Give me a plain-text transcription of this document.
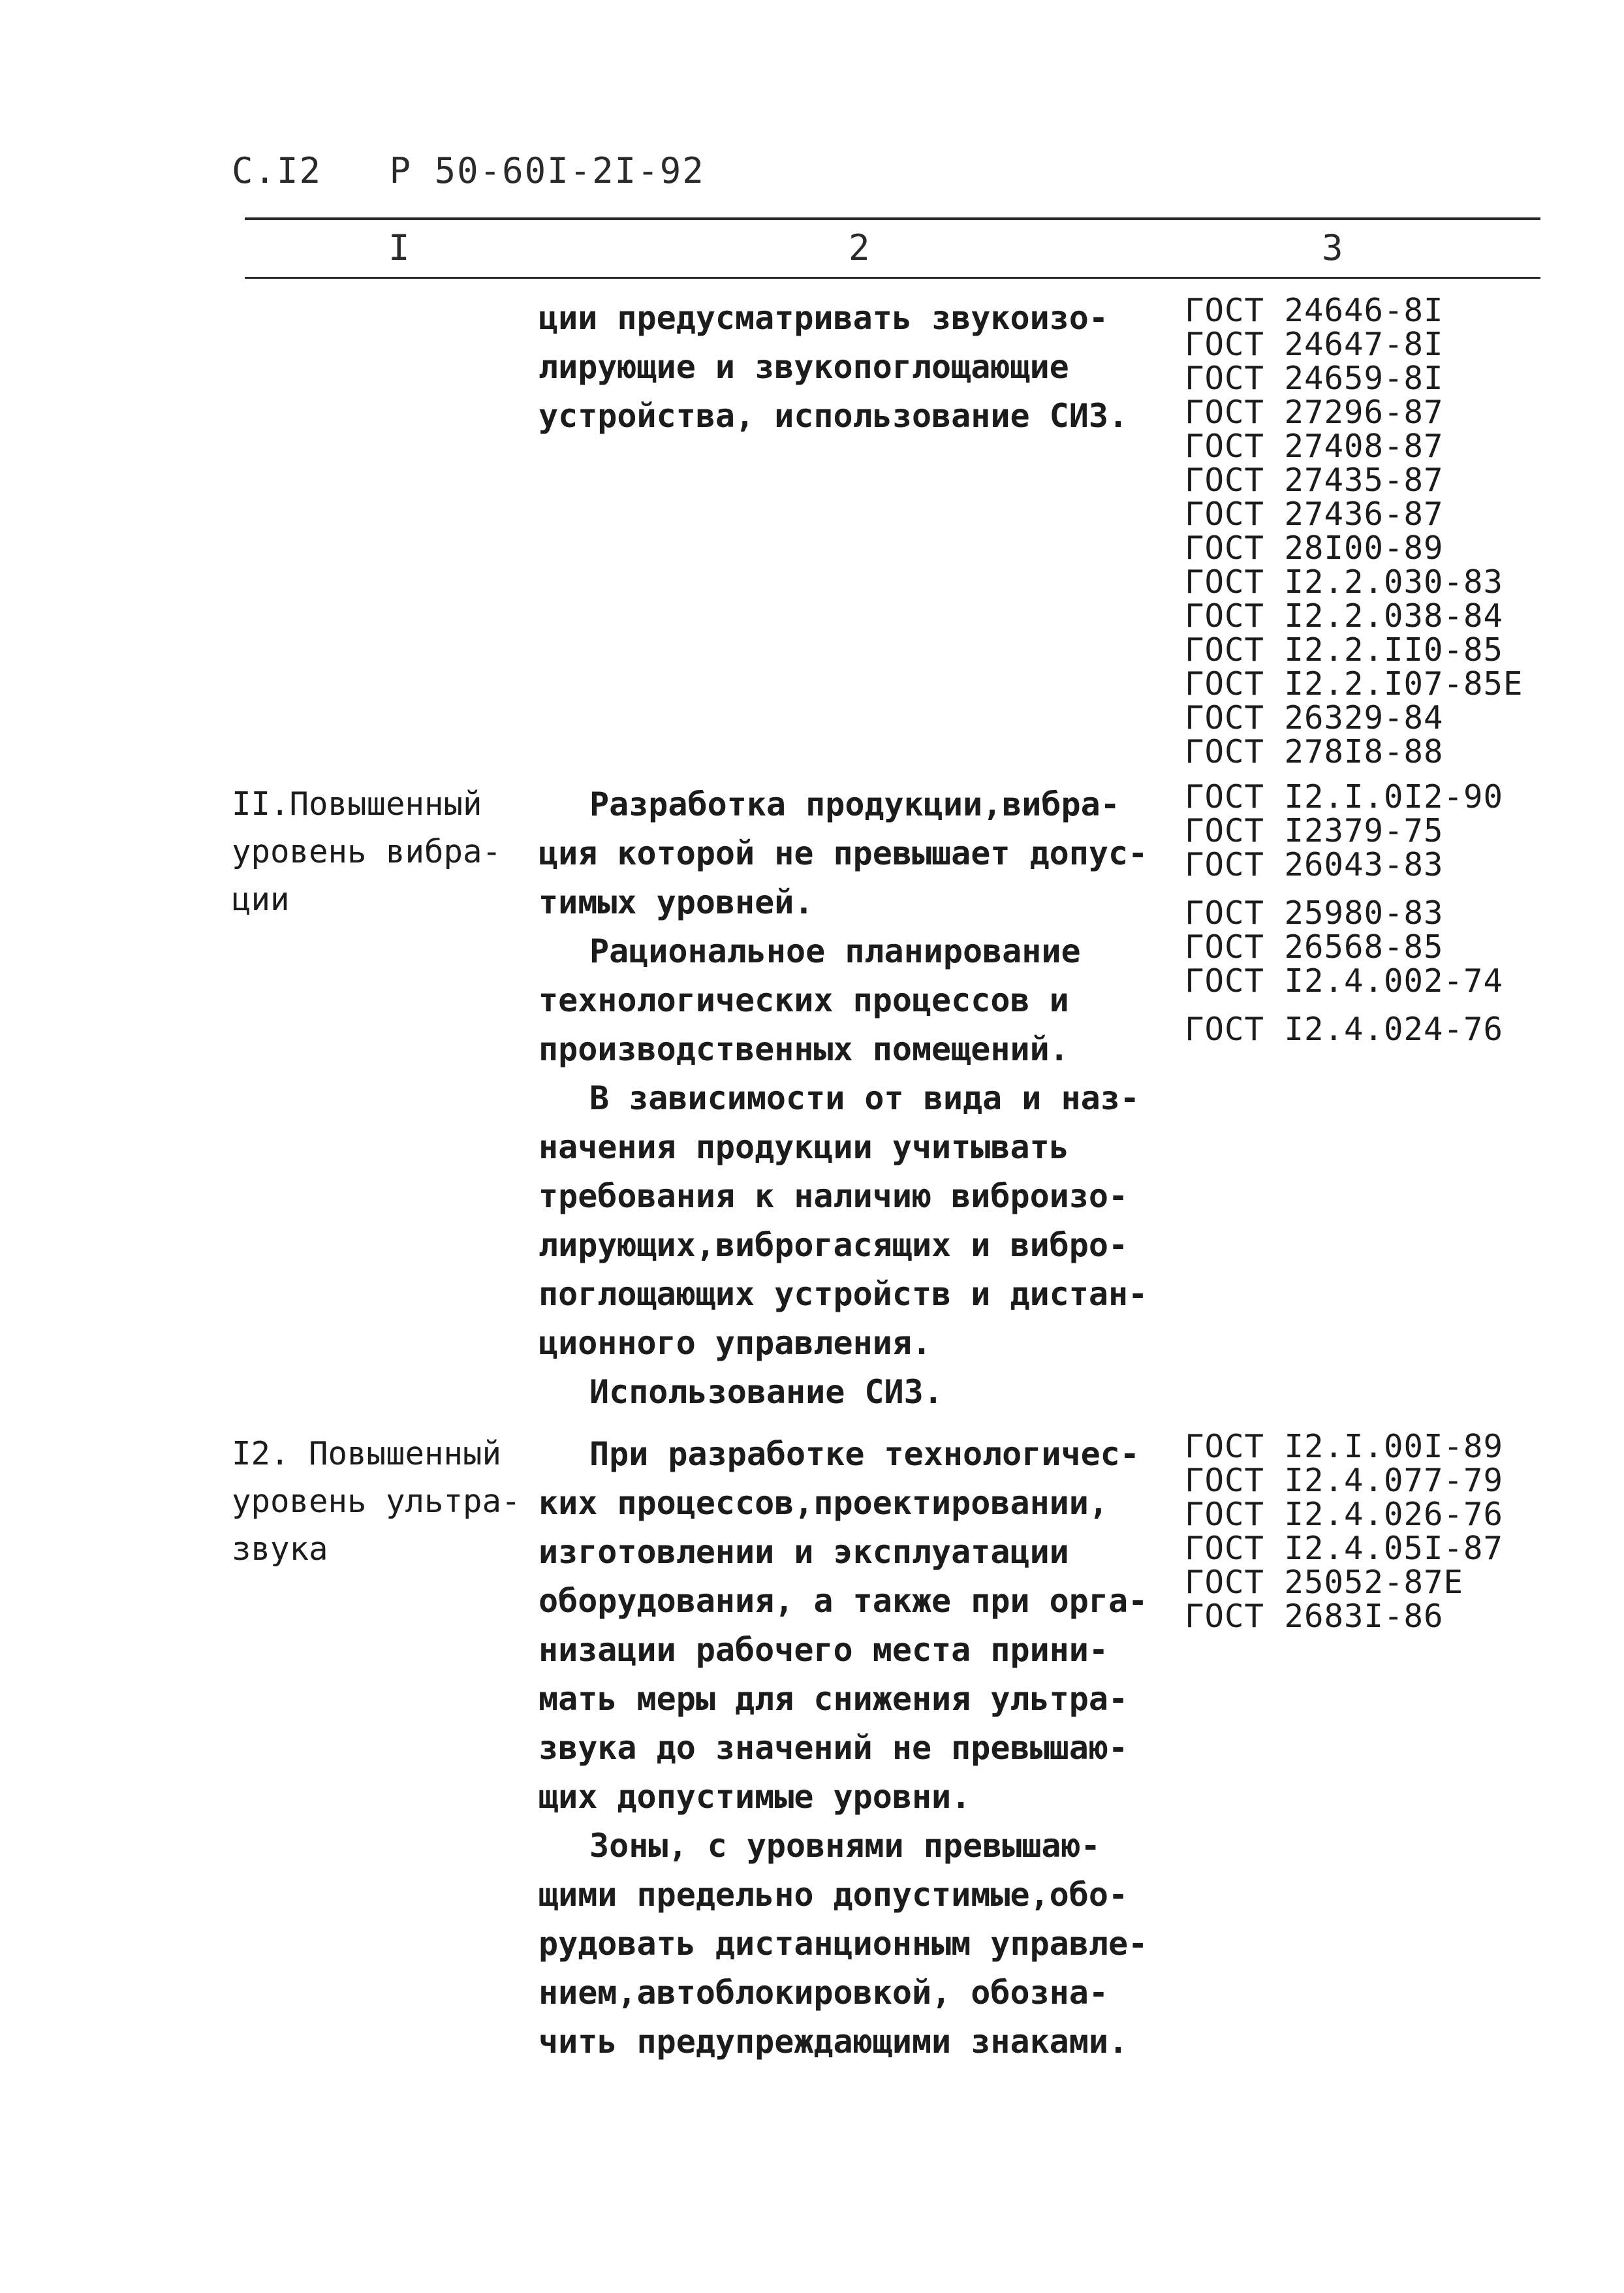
С.I2   Р 50-60I-2I-92
I	2	3
ции предусматривать звукоизо-
лирующие и звукопоглощающие
устройства, использование СИЗ.
ГОСТ 24646-8I
ГОСТ 24647-8I
ГОСТ 24659-8I
ГОСТ 27296-87
ГОСТ 27408-87
ГОСТ 27435-87
ГОСТ 27436-87
ГОСТ 28I00-89
ГОСТ I2.2.030-83
ГОСТ I2.2.038-84
ГОСТ I2.2.II0-85
ГОСТ I2.2.I07-85Е
ГОСТ 26329-84
ГОСТ 278I8-88
II.Повышенный
уровень вибра-
ции
Разработка продукции,вибра-
ция которой не превышает допус-
тимых уровней.
Рациональное планирование
технологических процессов и
производственных помещений.
В зависимости от вида и наз-
начения продукции учитывать
требования к наличию виброизо-
лирующих,виброгасящих и вибро-
поглощающих устройств и дистан-
ционного управления.
Использование СИЗ.
ГОСТ I2.I.0I2-90
ГОСТ I2379-75
ГОСТ 26043-83
ГОСТ 25980-83
ГОСТ 26568-85
ГОСТ I2.4.002-74
ГОСТ I2.4.024-76
I2. Повышенный
уровень ультра-
звука
При разработке технологичес-
ких процессов,проектировании,
изготовлении и эксплуатации
оборудования, а также при орга-
низации рабочего места прини-
мать меры для снижения ультра-
звука до значений не превышаю-
щих допустимые уровни.
Зоны, с уровнями превышаю-
щими предельно допустимые,обо-
рудовать дистанционным управле-
нием,автоблокировкой, обозна-
чить предупреждающими знаками.
ГОСТ I2.I.00I-89
ГОСТ I2.4.077-79
ГОСТ I2.4.026-76
ГОСТ I2.4.05I-87
ГОСТ 25052-87Е
ГОСТ 2683I-86
